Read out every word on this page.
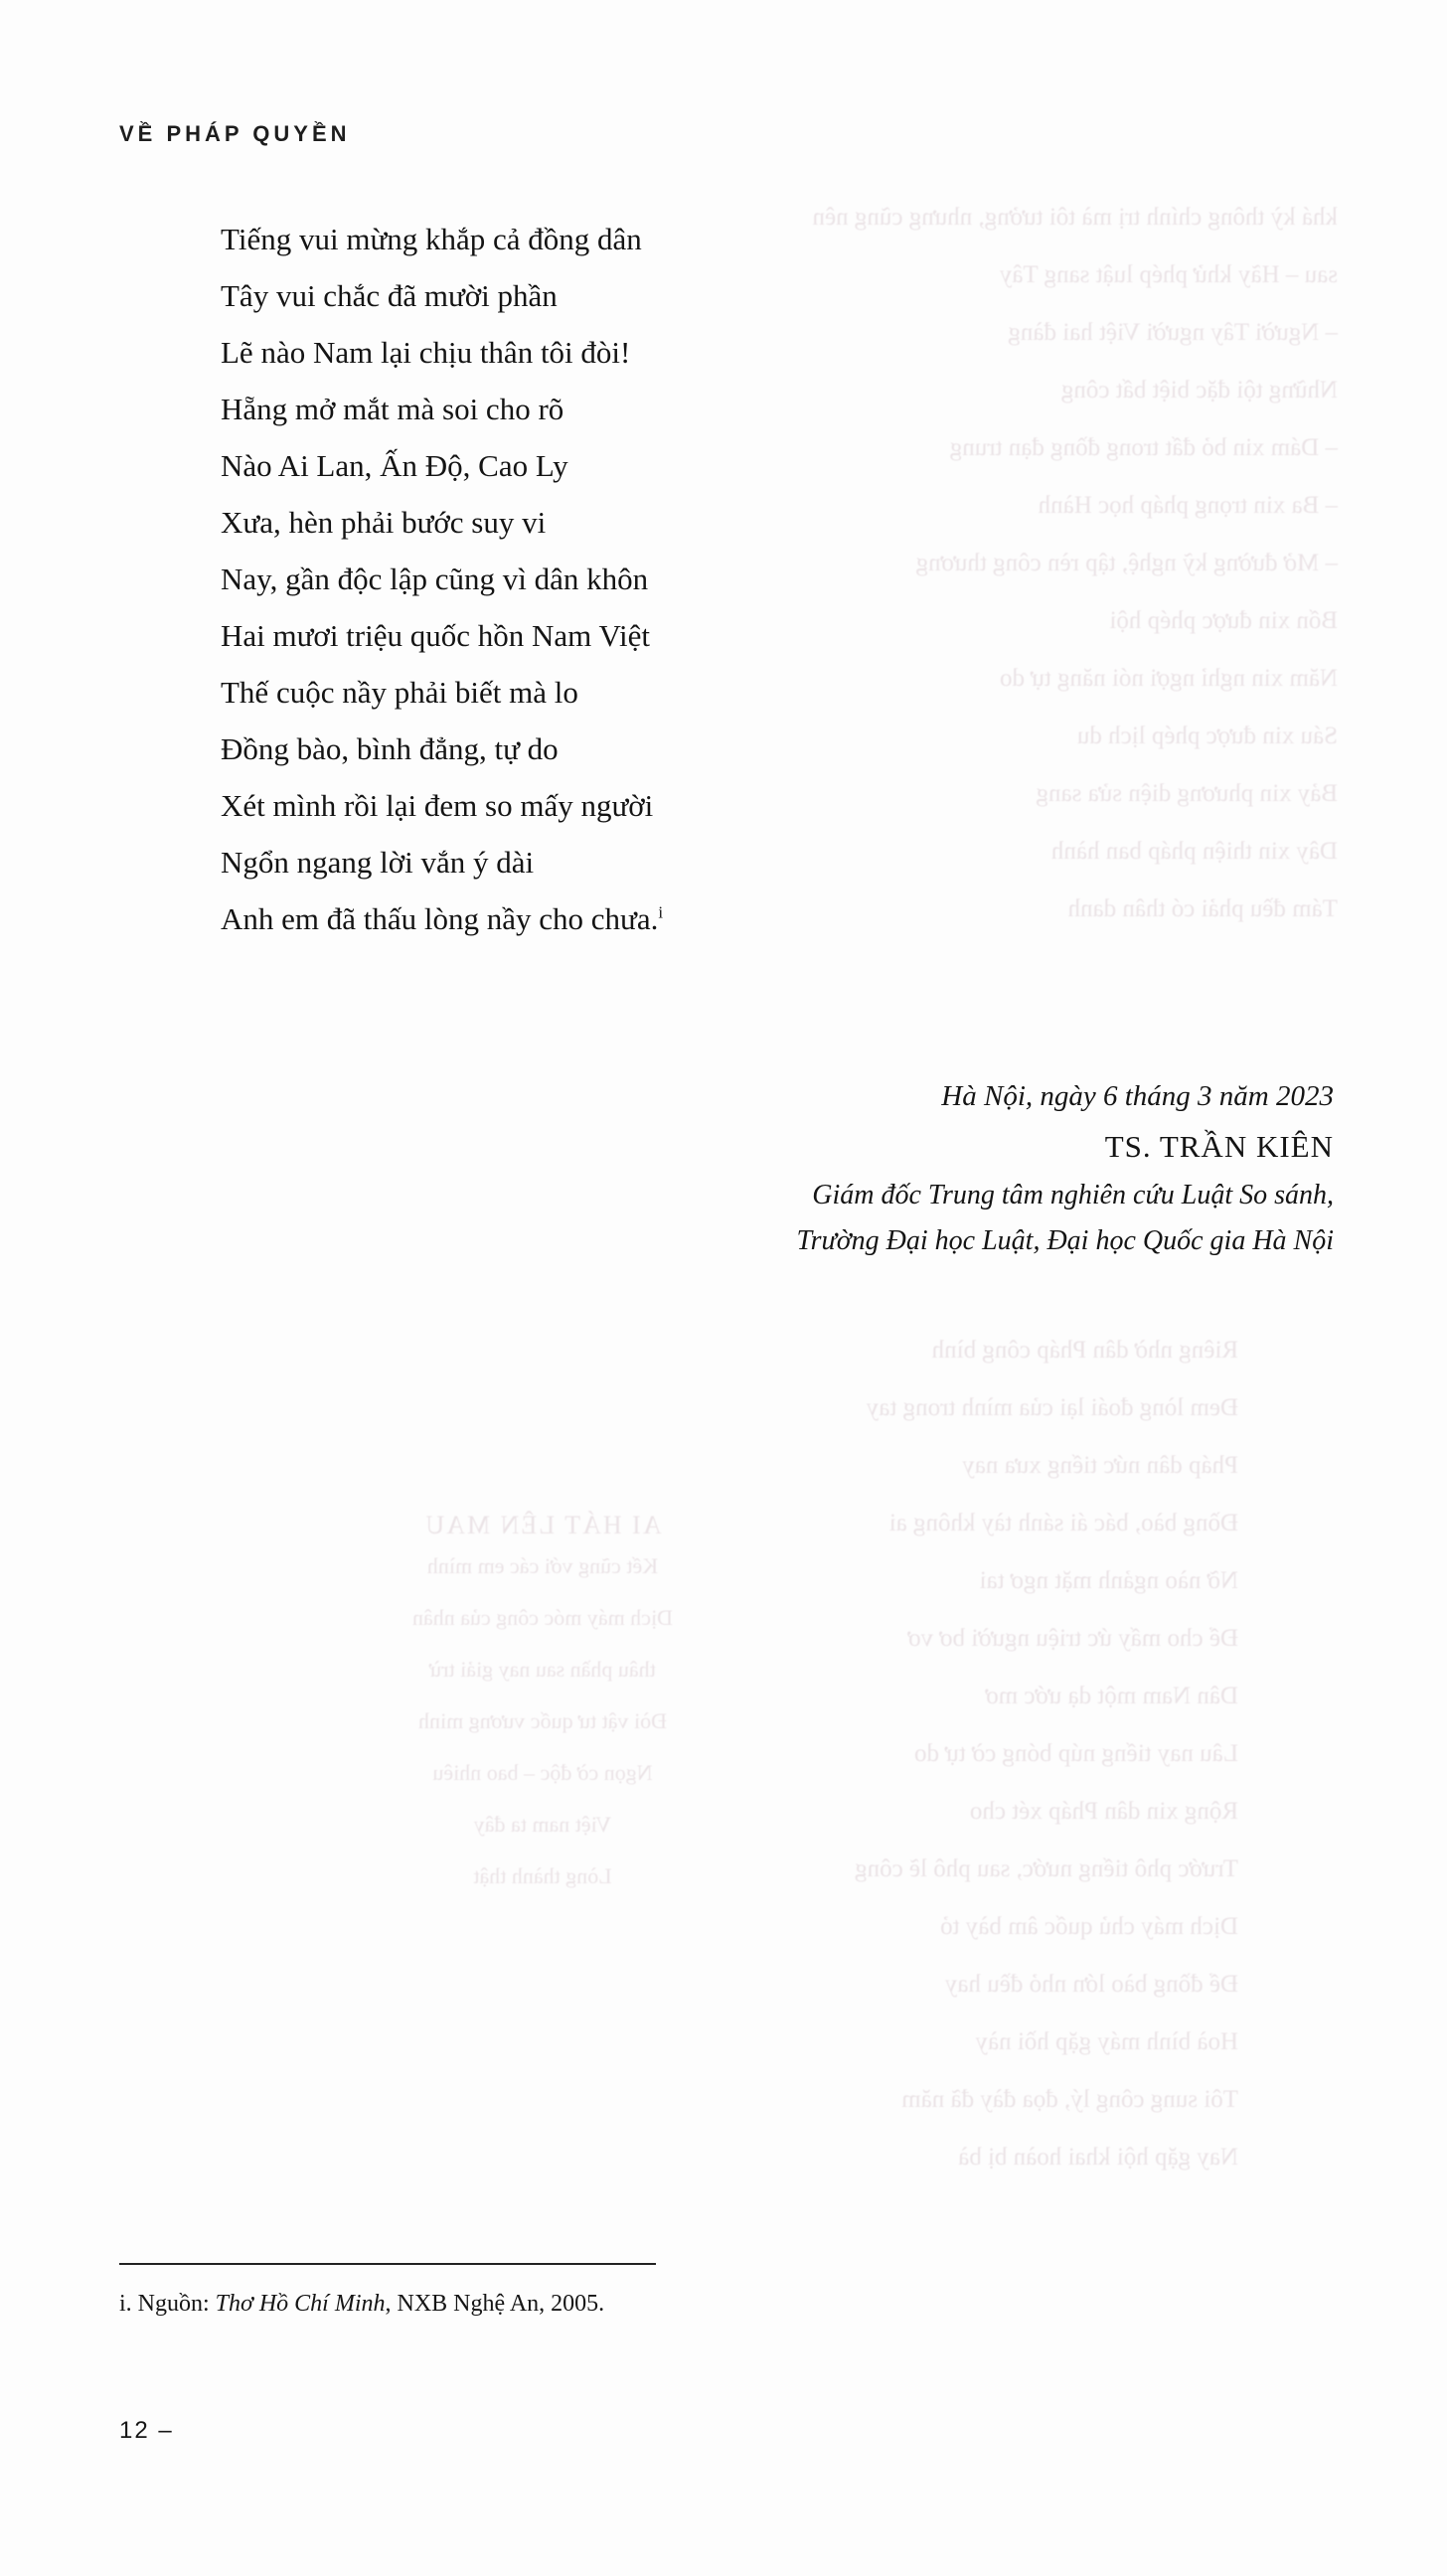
khá kỳ thông chính trị mà tôi tưởng, nhưng cũng nên
sau – Hãy khử phép luật sang Tây
– Người Tây người Việt hai đàng
Những tội đặc biệt bất công
– Dám xin bỏ đất trong đồng đạn trung
– Ba xin trọng pháp học Hành
– Mở đường kỹ nghệ, tập rèn công thương
Bốn xin được phép hội
Năm xin nghỉ ngợi nói năng tự do
Sáu xin được phép lịch du
Bảy xin phương diện sửa sang
Dây xin thiện pháp ban hành
Tám đều phải có thân danh
AI HÁT LÊN MAU
Kết cũng với các em mình
Dịch máy móc công của nhân
thâu phần sau nay giải trừ
Đòi vật tư quốc vương minh
Ngọn cờ độc – bao nhiêu
Việt nam ta đây
Lòng thành thật
Riêng nhờ dân Pháp công bình
Đem lòng đoái lại của mình trong tay
Pháp dân nức tiếng xưa nay
Đồng bào, bác ái sánh tày không ai
Nỡ nào ngảnh mặt ngơ tai
Để cho mấy ức triệu người bơ vơ
Dân Nam một dạ ước mơ
Lâu nay tiếng núp bóng cờ tự do
Rộng xin dân Pháp xét cho
Trước phô tiếng nước, sau phô lẽ công
Dịch máy chủ quốc âm bày tỏ
Để đồng bào lớn nhỏ đều hay
Hoà bình máy gặp hồi này
Tôi sung công lý, đọa đày đã năm
Nay gặp hội khai hoàn bị bà
VỀ PHÁP QUYỀN
Tiếng vui mừng khắp cả đồng dân
Tây vui chắc đã mười phần
Lẽ nào Nam lại chịu thân tôi đòi!
Hẵng mở mắt mà soi cho rõ
Nào Ai Lan, Ấn Độ, Cao Ly
Xưa, hèn phải bước suy vi
Nay, gần độc lập cũng vì dân khôn
Hai mươi triệu quốc hồn Nam Việt
Thế cuộc nầy phải biết mà lo
Đồng bào, bình đẳng, tự do
Xét mình rồi lại đem so mấy người
Ngổn ngang lời vắn ý dài
Anh em đã thấu lòng nầy cho chưa.$^i$
Hà Nội, ngày 6 tháng 3 năm 2023
TS. TRẦN KIÊN
Giám đốc Trung tâm nghiên cứu Luật So sánh,
Trường Đại học Luật, Đại học Quốc gia Hà Nội
i. Nguồn: Thơ Hồ Chí Minh, NXB Nghệ An, 2005.
12 –
